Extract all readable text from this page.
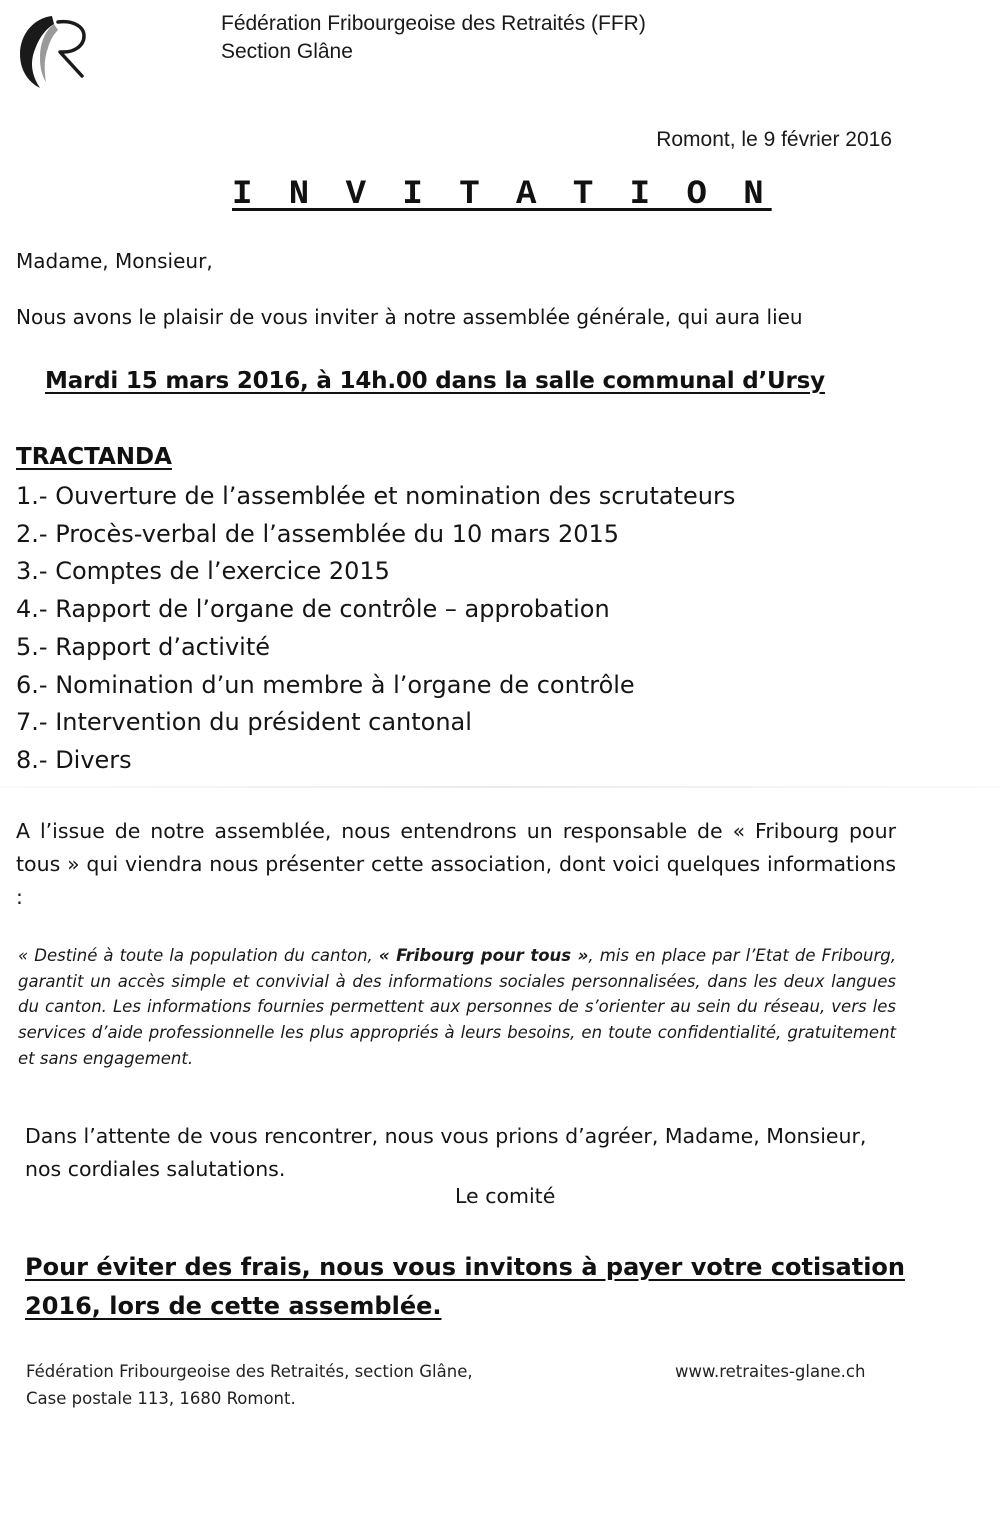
Fédération Fribourgeoise des Retraités (FFR)
Section Glâne
Romont, le 9 février 2016
I N V I T A T I O N
Madame, Monsieur,
Nous avons le plaisir de vous inviter à notre assemblée générale, qui aura lieu
Mardi 15 mars 2016, à 14h.00 dans la salle communal d’Ursy
TRACTANDA
1.- Ouverture de l’assemblée et nomination des scrutateurs
2.- Procès-verbal de l’assemblée du 10 mars 2015
3.- Comptes de l’exercice 2015
4.- Rapport de l’organe de contrôle – approbation
5.- Rapport d’activité
6.- Nomination d’un membre à l’organe de contrôle
7.- Intervention du président cantonal
8.- Divers
A l’issue de notre assemblée, nous entendrons un responsable de « Fribourg pour tous » qui viendra nous présenter cette association, dont voici quelques informations :
« Destiné à toute la population du canton, « Fribourg pour tous », mis en place par l’Etat de Fribourg, garantit un accès simple et convivial à des informations sociales personnalisées, dans les deux langues du canton. Les informations fournies permettent aux personnes de s’orienter au sein du réseau, vers les services d’aide professionnelle les plus appropriés à leurs besoins, en toute confidentialité, gratuitement et sans engagement.
Dans l’attente de vous rencontrer, nous vous prions d’agréer, Madame, Monsieur, nos cordiales salutations.
Le comité
Pour éviter des frais, nous vous invitons à payer votre cotisation 2016, lors de cette assemblée.
Fédération Fribourgeoise des Retraités, section Glâne,
Case postale 113, 1680 Romont.
www.retraites-glane.ch
